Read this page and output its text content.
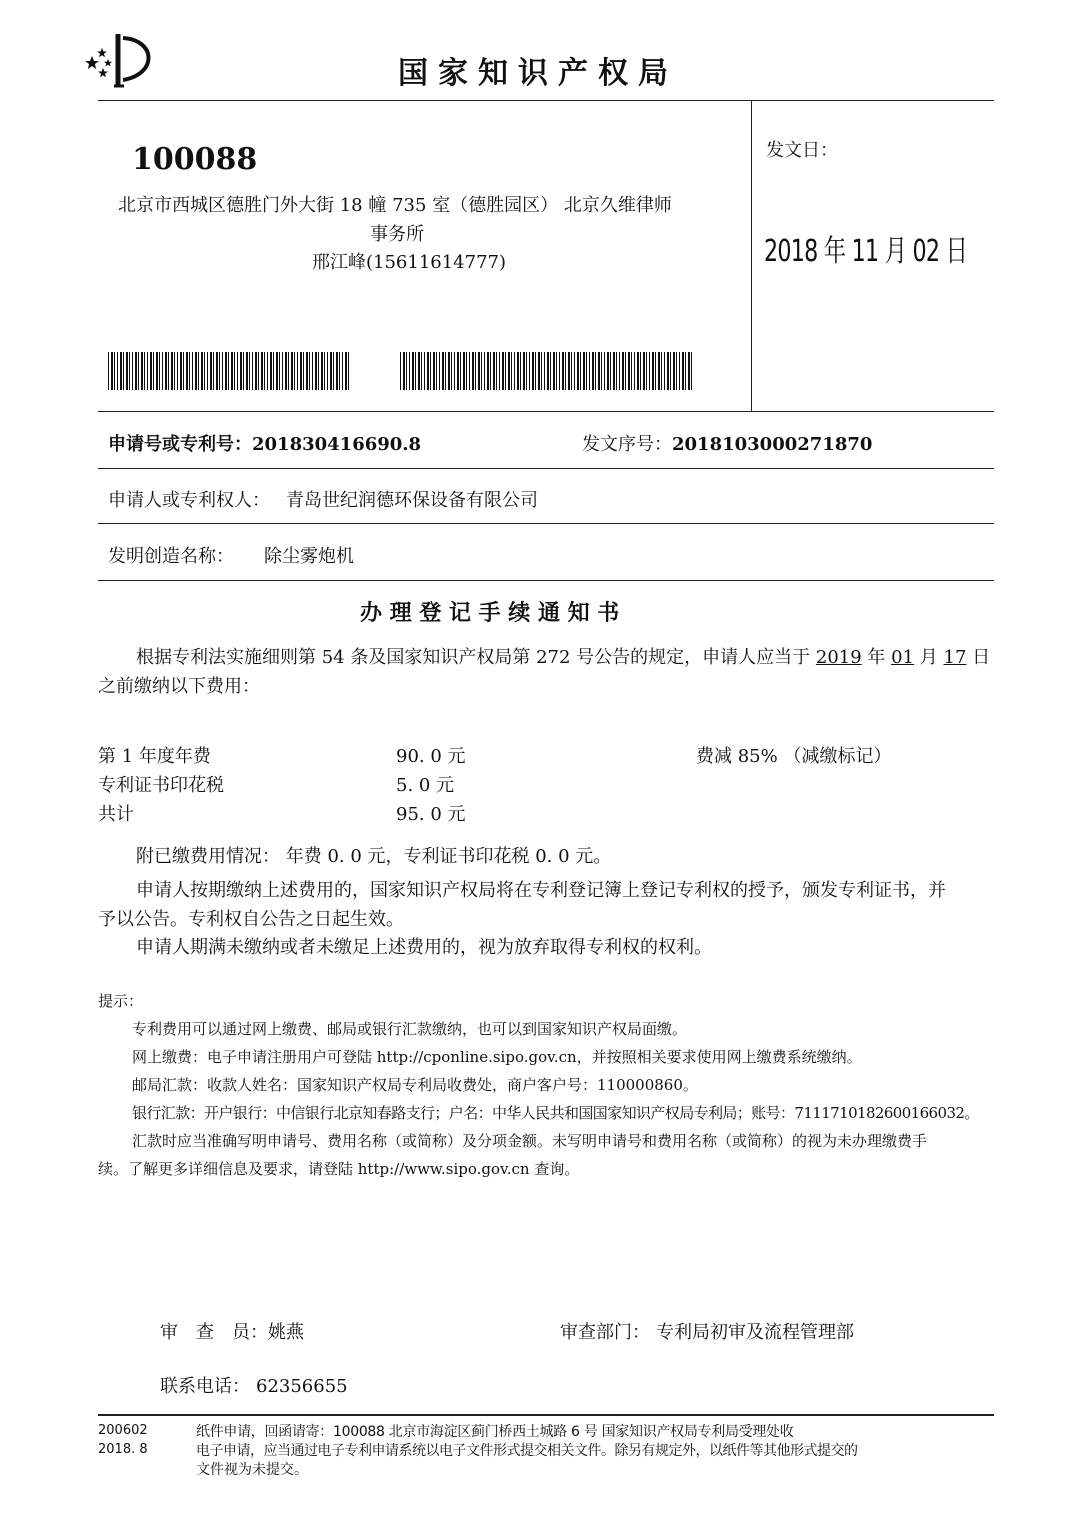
国家知识产权局
100088
北京市西城区德胜门外大街 18 幢 735 室（德胜园区） 北京久维律师
事务所
邢江峰(15611614777)
发文日：
2018 年 11 月 02 日
申请号或专利号：201830416690.8	发文序号：2018103000271870
申请人或专利权人： 青岛世纪润德环保设备有限公司
发明创造名称： 除尘雾炮机
办 理 登 记 手 续 通 知 书
根据专利法实施细则第 54 条及国家知识产权局第 272 号公告的规定，申请人应当于 2019 年 01 月 17 日
之前缴纳以下费用：
第 1 年度年费	90. 0 元	费减 85% （减缴标记）
专利证书印花税	5. 0 元
共计	95. 0 元
附已缴费用情况： 年费 0. 0 元，专利证书印花税 0. 0 元。
申请人按期缴纳上述费用的，国家知识产权局将在专利登记簿上登记专利权的授予，颁发专利证书，并
予以公告。专利权自公告之日起生效。
申请人期满未缴纳或者未缴足上述费用的，视为放弃取得专利权的权利。
提示：
专利费用可以通过网上缴费、邮局或银行汇款缴纳，也可以到国家知识产权局面缴。
网上缴费：电子申请注册用户可登陆 http://cponline.sipo.gov.cn，并按照相关要求使用网上缴费系统缴纳。
邮局汇款：收款人姓名：国家知识产权局专利局收费处，商户客户号：110000860。
银行汇款：开户银行：中信银行北京知春路支行；户名：中华人民共和国国家知识产权局专利局；账号：7111710182600166032。
汇款时应当准确写明申请号、费用名称（或简称）及分项金额。未写明申请号和费用名称（或简称）的视为未办理缴费手
续。了解更多详细信息及要求，请登陆 http://www.sipo.gov.cn 查询。
审　查　员：姚燕	审查部门： 专利局初审及流程管理部
联系电话： 62356655
200602
2018. 8
纸件申请，回函请寄：100088 北京市海淀区蓟门桥西土城路 6 号 国家知识产权局专利局受理处收
电子申请，应当通过电子专利申请系统以电子文件形式提交相关文件。除另有规定外，以纸件等其他形式提交的
文件视为未提交。
